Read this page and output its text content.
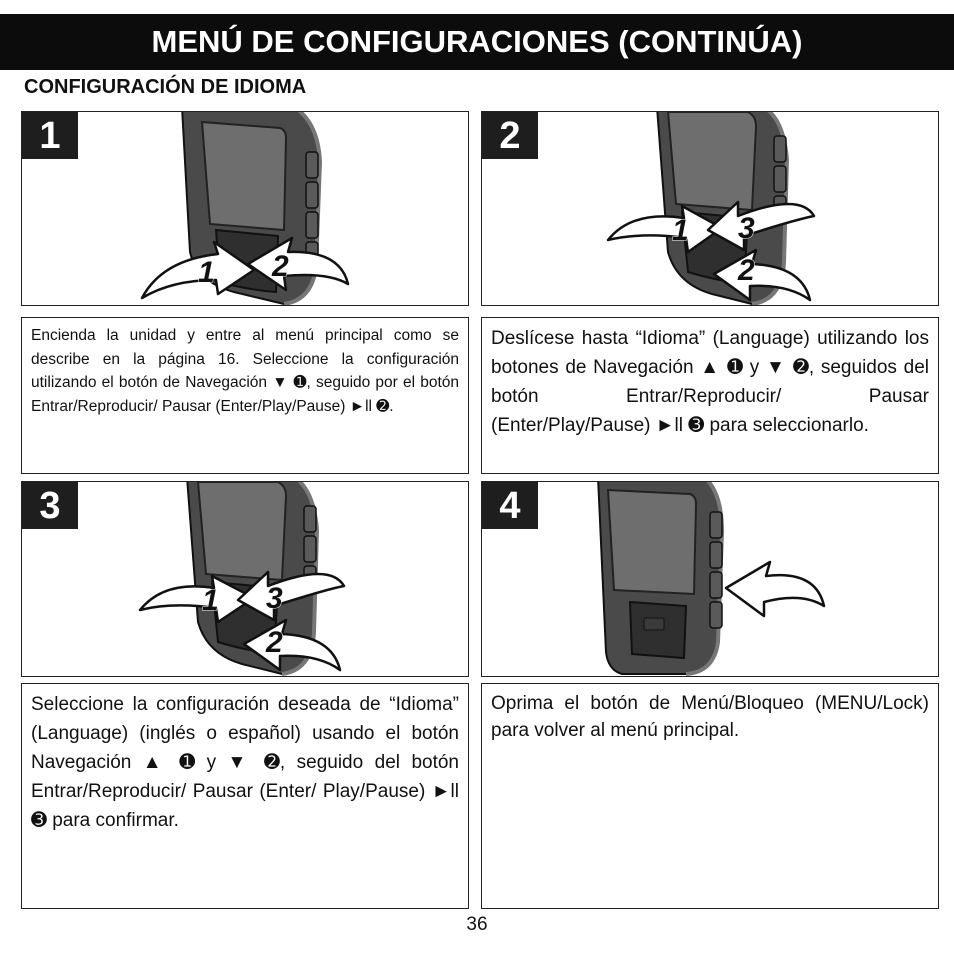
MENÚ DE CONFIGURACIONES (CONTINÚA)
CONFIGURACIÓN DE IDIOMA
1
1 2
2
1 3
2
Encienda la unidad y entre al menú principal como se describe en la página 16. Seleccione la configuración utilizando el botón de Navegación ▼ ➊, seguido por el botón Entrar/Reproducir/ Pausar (Enter/Play/Pause) ►ll ➋.
Deslícese hasta “Idioma” (Language) utilizando los botones de Navegación ▲ ➊ y ▼ ➋, seguidos del botón Entrar/Reproducir/ Pausar (Enter/Play/Pause) ►ll ➌ para seleccionarlo.
3
1 3
2
4
Seleccione la configuración deseada de “Idioma” (Language) (inglés o español) usando el botón Navegación ▲ ➊ y ▼ ➋, seguido del botón Entrar/Reproducir/ Pausar (Enter/ Play/Pause) ►ll ➌ para confirmar.
Oprima el botón de Menú/Bloqueo (MENU/Lock) para volver al menú principal.
36
